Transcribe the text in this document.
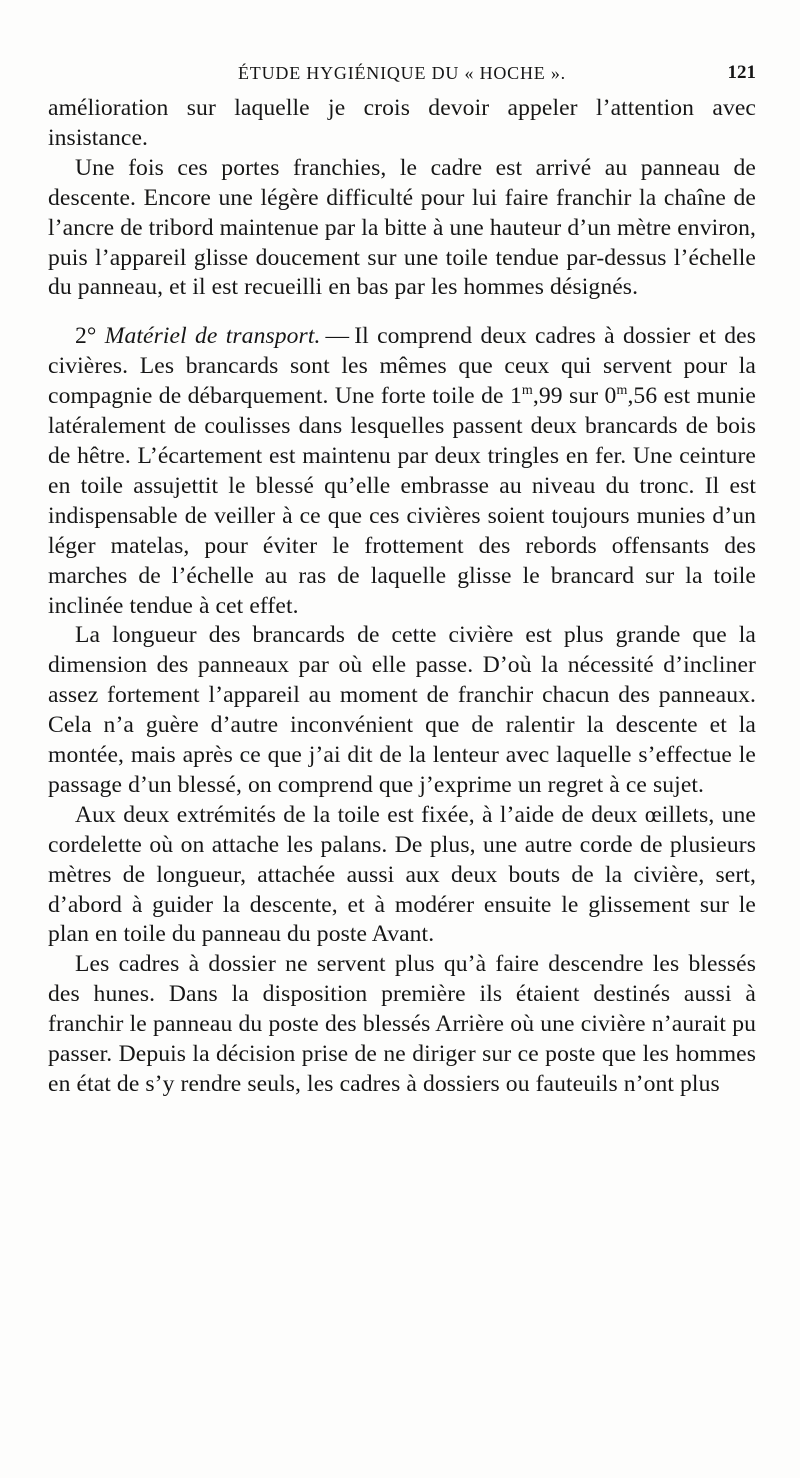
ÉTUDE HYGIÉNIQUE DU « HOCHE ».	121

amélioration sur laquelle je crois devoir appeler l’attention avec insistance.

Une fois ces portes franchies, le cadre est arrivé au panneau de descente. Encore une légère difficulté pour lui faire franchir la chaîne de l’ancre de tribord maintenue par la bitte à une hauteur d’un mètre environ, puis l’appareil glisse doucement sur une toile tendue par-dessus l’échelle du panneau, et il est recueilli en bas par les hommes désignés.

2° Matériel de transport. — Il comprend deux cadres à dossier et des civières. Les brancards sont les mêmes que ceux qui servent pour la compagnie de débarquement. Une forte toile de 1$^m$,99 sur 0$^m$,56 est munie latéralement de coulisses dans lesquelles passent deux brancards de bois de hêtre. L’écartement est maintenu par deux tringles en fer. Une ceinture en toile assujettit le blessé qu’elle embrasse au niveau du tronc. Il est indispensable de veiller à ce que ces civières soient toujours munies d’un léger matelas, pour éviter le frottement des rebords offensants des marches de l’échelle au ras de laquelle glisse le brancard sur la toile inclinée tendue à cet effet.

La longueur des brancards de cette civière est plus grande que la dimension des panneaux par où elle passe. D’où la nécessité d’incliner assez fortement l’appareil au moment de franchir chacun des panneaux. Cela n’a guère d’autre inconvénient que de ralentir la descente et la montée, mais après ce que j’ai dit de la lenteur avec laquelle s’effectue le passage d’un blessé, on comprend que j’exprime un regret à ce sujet.

Aux deux extrémités de la toile est fixée, à l’aide de deux œillets, une cordelette où on attache les palans. De plus, une autre corde de plusieurs mètres de longueur, attachée aussi aux deux bouts de la civière, sert, d’abord à guider la descente, et à modérer ensuite le glissement sur le plan en toile du panneau du poste Avant.

Les cadres à dossier ne servent plus qu’à faire descendre les blessés des hunes. Dans la disposition première ils étaient destinés aussi à franchir le panneau du poste des blessés Arrière où une civière n’aurait pu passer. Depuis la décision prise de ne diriger sur ce poste que les hommes en état de s’y rendre seuls, les cadres à dossiers ou fauteuils n’ont plus
